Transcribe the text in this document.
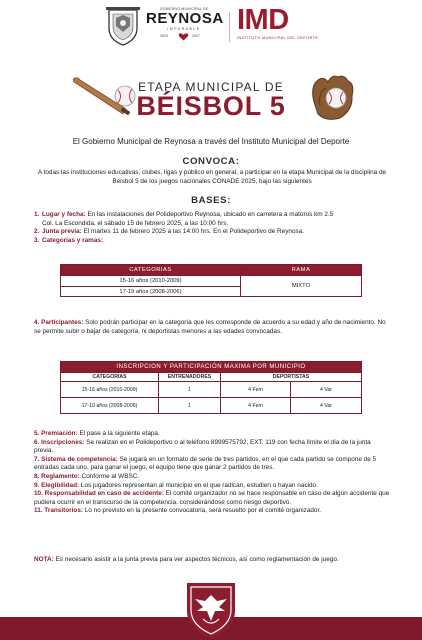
GOBIERNO MUNICIPAL DE
REYNOSA
IMPARABLE
2024	2027 IMD
INSTITUTO MUNICIPAL DEL DEPORTE
ETAPA MUNICIPAL DE
BÉISBOL 5
El Gobierno Municipal de Reynosa a través del Instituto Municipal del Deporte
CONVOCA:
A todas las instituciones educativas, clubes, ligas y público en general, a participar en la etapa Municipal de la disciplina de Béisbol 5 de los juegos nacionales CONADE 2025, bajo las siguientes
BASES:
1. Lugar y fecha: En las instalaciones del Polideportivo Reynosa, ubicado en carretera a matoros km 2.5
Col. La Escondida, el sábado 15 de febrero 2025, a las 10:00 hrs.
2. Junta previa: El martes 11 de febrero 2025 a las 14:00 hrs. En el Polideportivo de Reynosa.
3. Categorías y ramas:
CATEGORIAS	RAMA
15-16 años (2010-2009)
17-19 años (2008-2006)
MIXTO
4. Participantes: Solo podrán participar en la categoría que les corresponde de acuerdo a su edad y año de nacimiento. No se permite subir o bajar de categoría, ni deportistas menores a las edades convocadas.
INSCRIPCION Y PARTICIPACIÓN MAXIMA POR MUNICIPIO
CATEGORIAS	ENTRENADORES	DEPORTISTAS
15-16 años (2010-2009)	1	4 Fem	4 Var
17-19 años (2008-2006)	1	4 Fem	4 Var
5. Premiación: El pase a la siguiente etapa.
6. Inscripciones: Se realizan en el Polideportivo o al teléfono 8999575792, EXT. 119 con fecha límite el día de la junta previa.
7. Sistema de competencia: Se jugará en un formato de serie de tres partidos, en el que cada partido se compone de 5 entradas cada uno, para ganar el juego, el equipo tiene que ganar 2 partidos de tres.
8. Reglamento: Conforme al WBSC.
9. Elegibilidad: Los jugadores representan al municipio en el que radican, estudien o hayan nacido.
10. Responsabilidad en caso de accidente: El comité organizador no se hace responsable en caso de algún accidente que pudiera ocurrir en el transcurso de la competencia. considerándose como riesgo deportivo.
11. Transitorios: Lo no previsto en la presente convocatoria, será resuelto por el comité organizador.
NOTA: Es necesario asistir a la junta previa para ver aspectos técnicos, así como reglamentación de juego.
